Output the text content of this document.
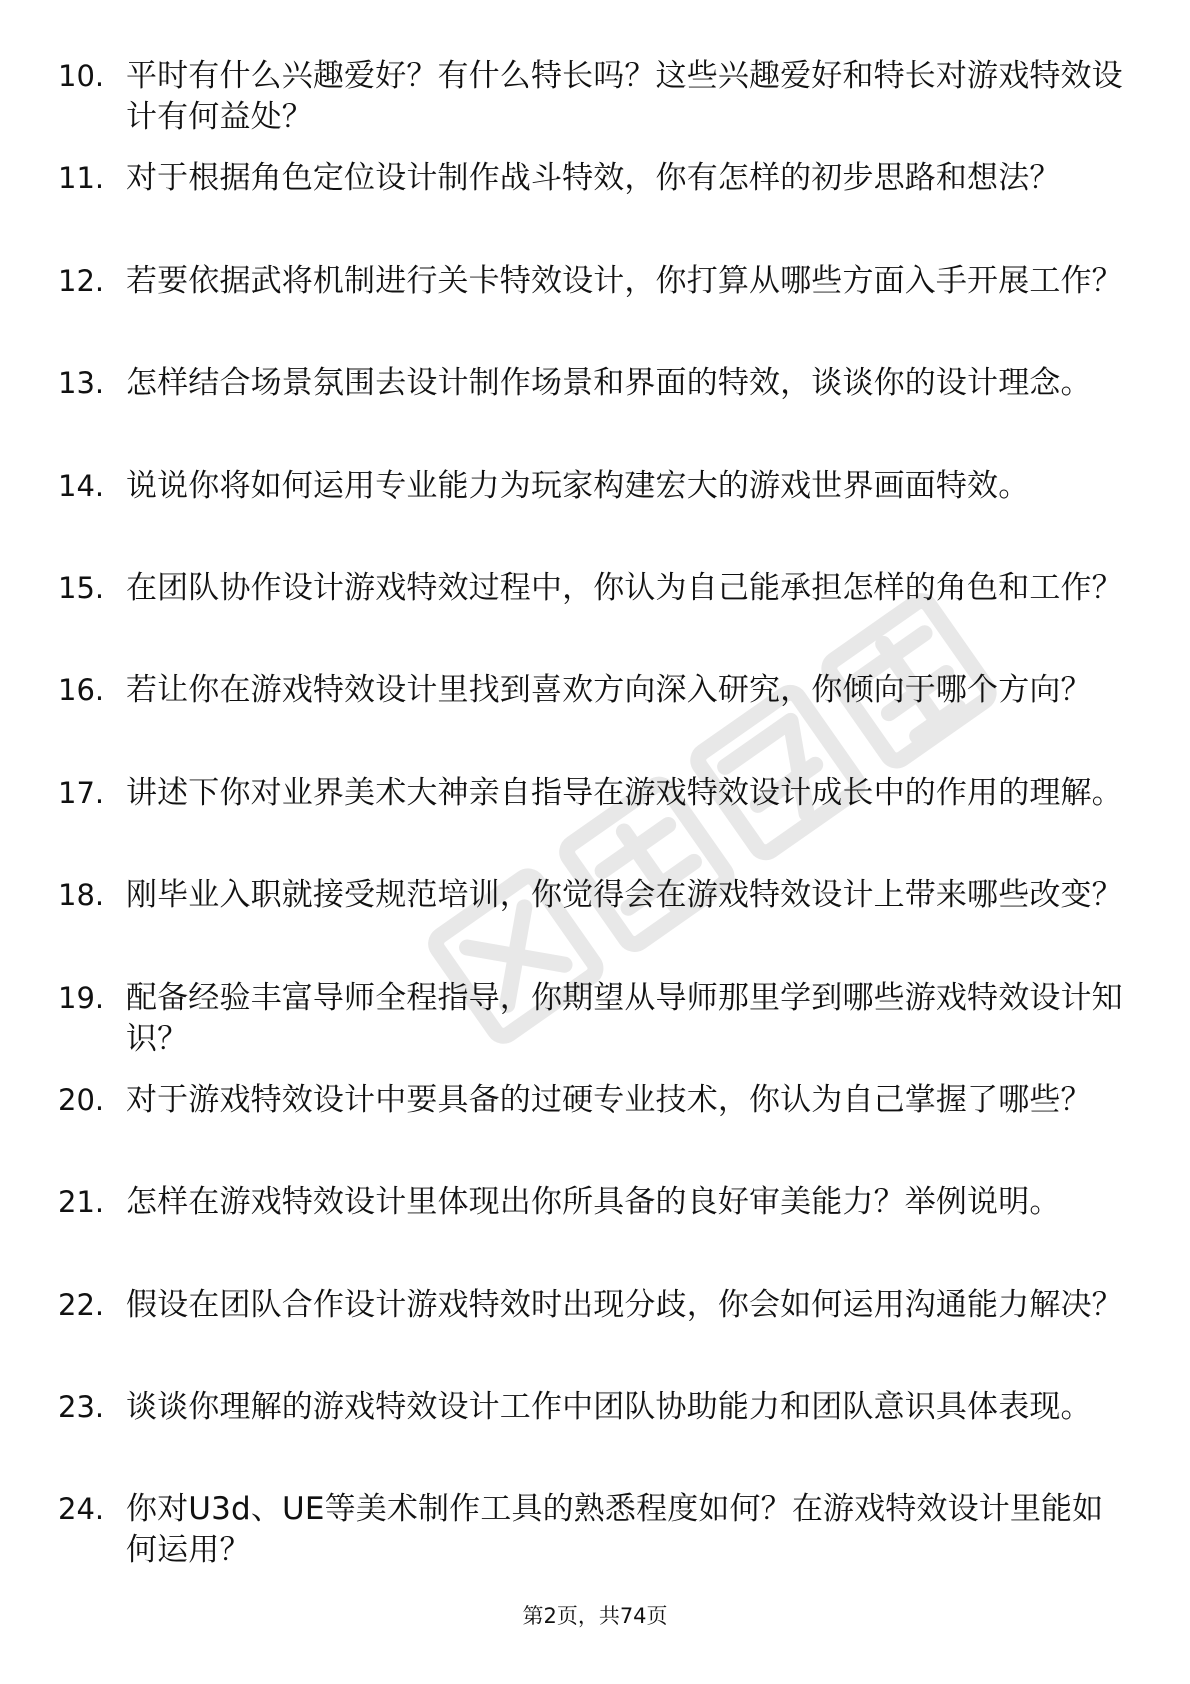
10. 平时有什么兴趣爱好？有什么特长吗？这些兴趣爱好和特长对游戏特效设计有何益处？
11. 对于根据角色定位设计制作战斗特效，你有怎样的初步思路和想法？
12. 若要依据武将机制进行关卡特效设计，你打算从哪些方面入手开展工作？
13. 怎样结合场景氛围去设计制作场景和界面的特效，谈谈你的设计理念。
14. 说说你将如何运用专业能力为玩家构建宏大的游戏世界画面特效。
15. 在团队协作设计游戏特效过程中，你认为自己能承担怎样的角色和工作？
16. 若让你在游戏特效设计里找到喜欢方向深入研究，你倾向于哪个方向？
17. 讲述下你对业界美术大神亲自指导在游戏特效设计成长中的作用的理解。
18. 刚毕业入职就接受规范培训，你觉得会在游戏特效设计上带来哪些改变？
19. 配备经验丰富导师全程指导，你期望从导师那里学到哪些游戏特效设计知识？
20. 对于游戏特效设计中要具备的过硬专业技术，你认为自己掌握了哪些？
21. 怎样在游戏特效设计里体现出你所具备的良好审美能力？举例说明。
22. 假设在团队合作设计游戏特效时出现分歧，你会如何运用沟通能力解决？
23. 谈谈你理解的游戏特效设计工作中团队协助能力和团队意识具体表现。
24. 你对U3d、UE等美术制作工具的熟悉程度如何？在游戏特效设计里能如何运用？
第2页，共74页
